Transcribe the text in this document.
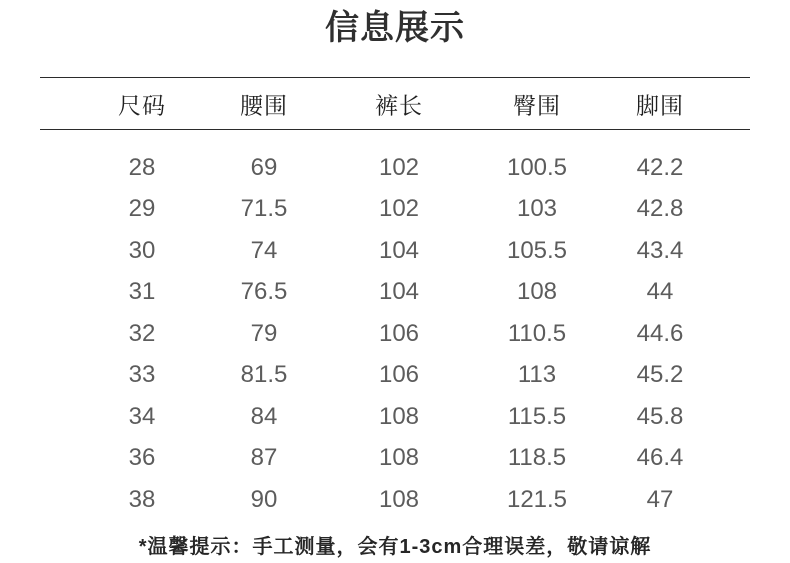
信息展示
尺码	腰围	裤长	臀围	脚围
28	69	102	100.5	42.2
29	71.5	102	103	42.8
30	74	104	105.5	43.4
31	76.5	104	108	44
32	79	106	110.5	44.6
33	81.5	106	113	45.2
34	84	108	115.5	45.8
36	87	108	118.5	46.4
38	90	108	121.5	47
*温馨提示：手工测量，会有1-3cm合理误差，敬请谅解
